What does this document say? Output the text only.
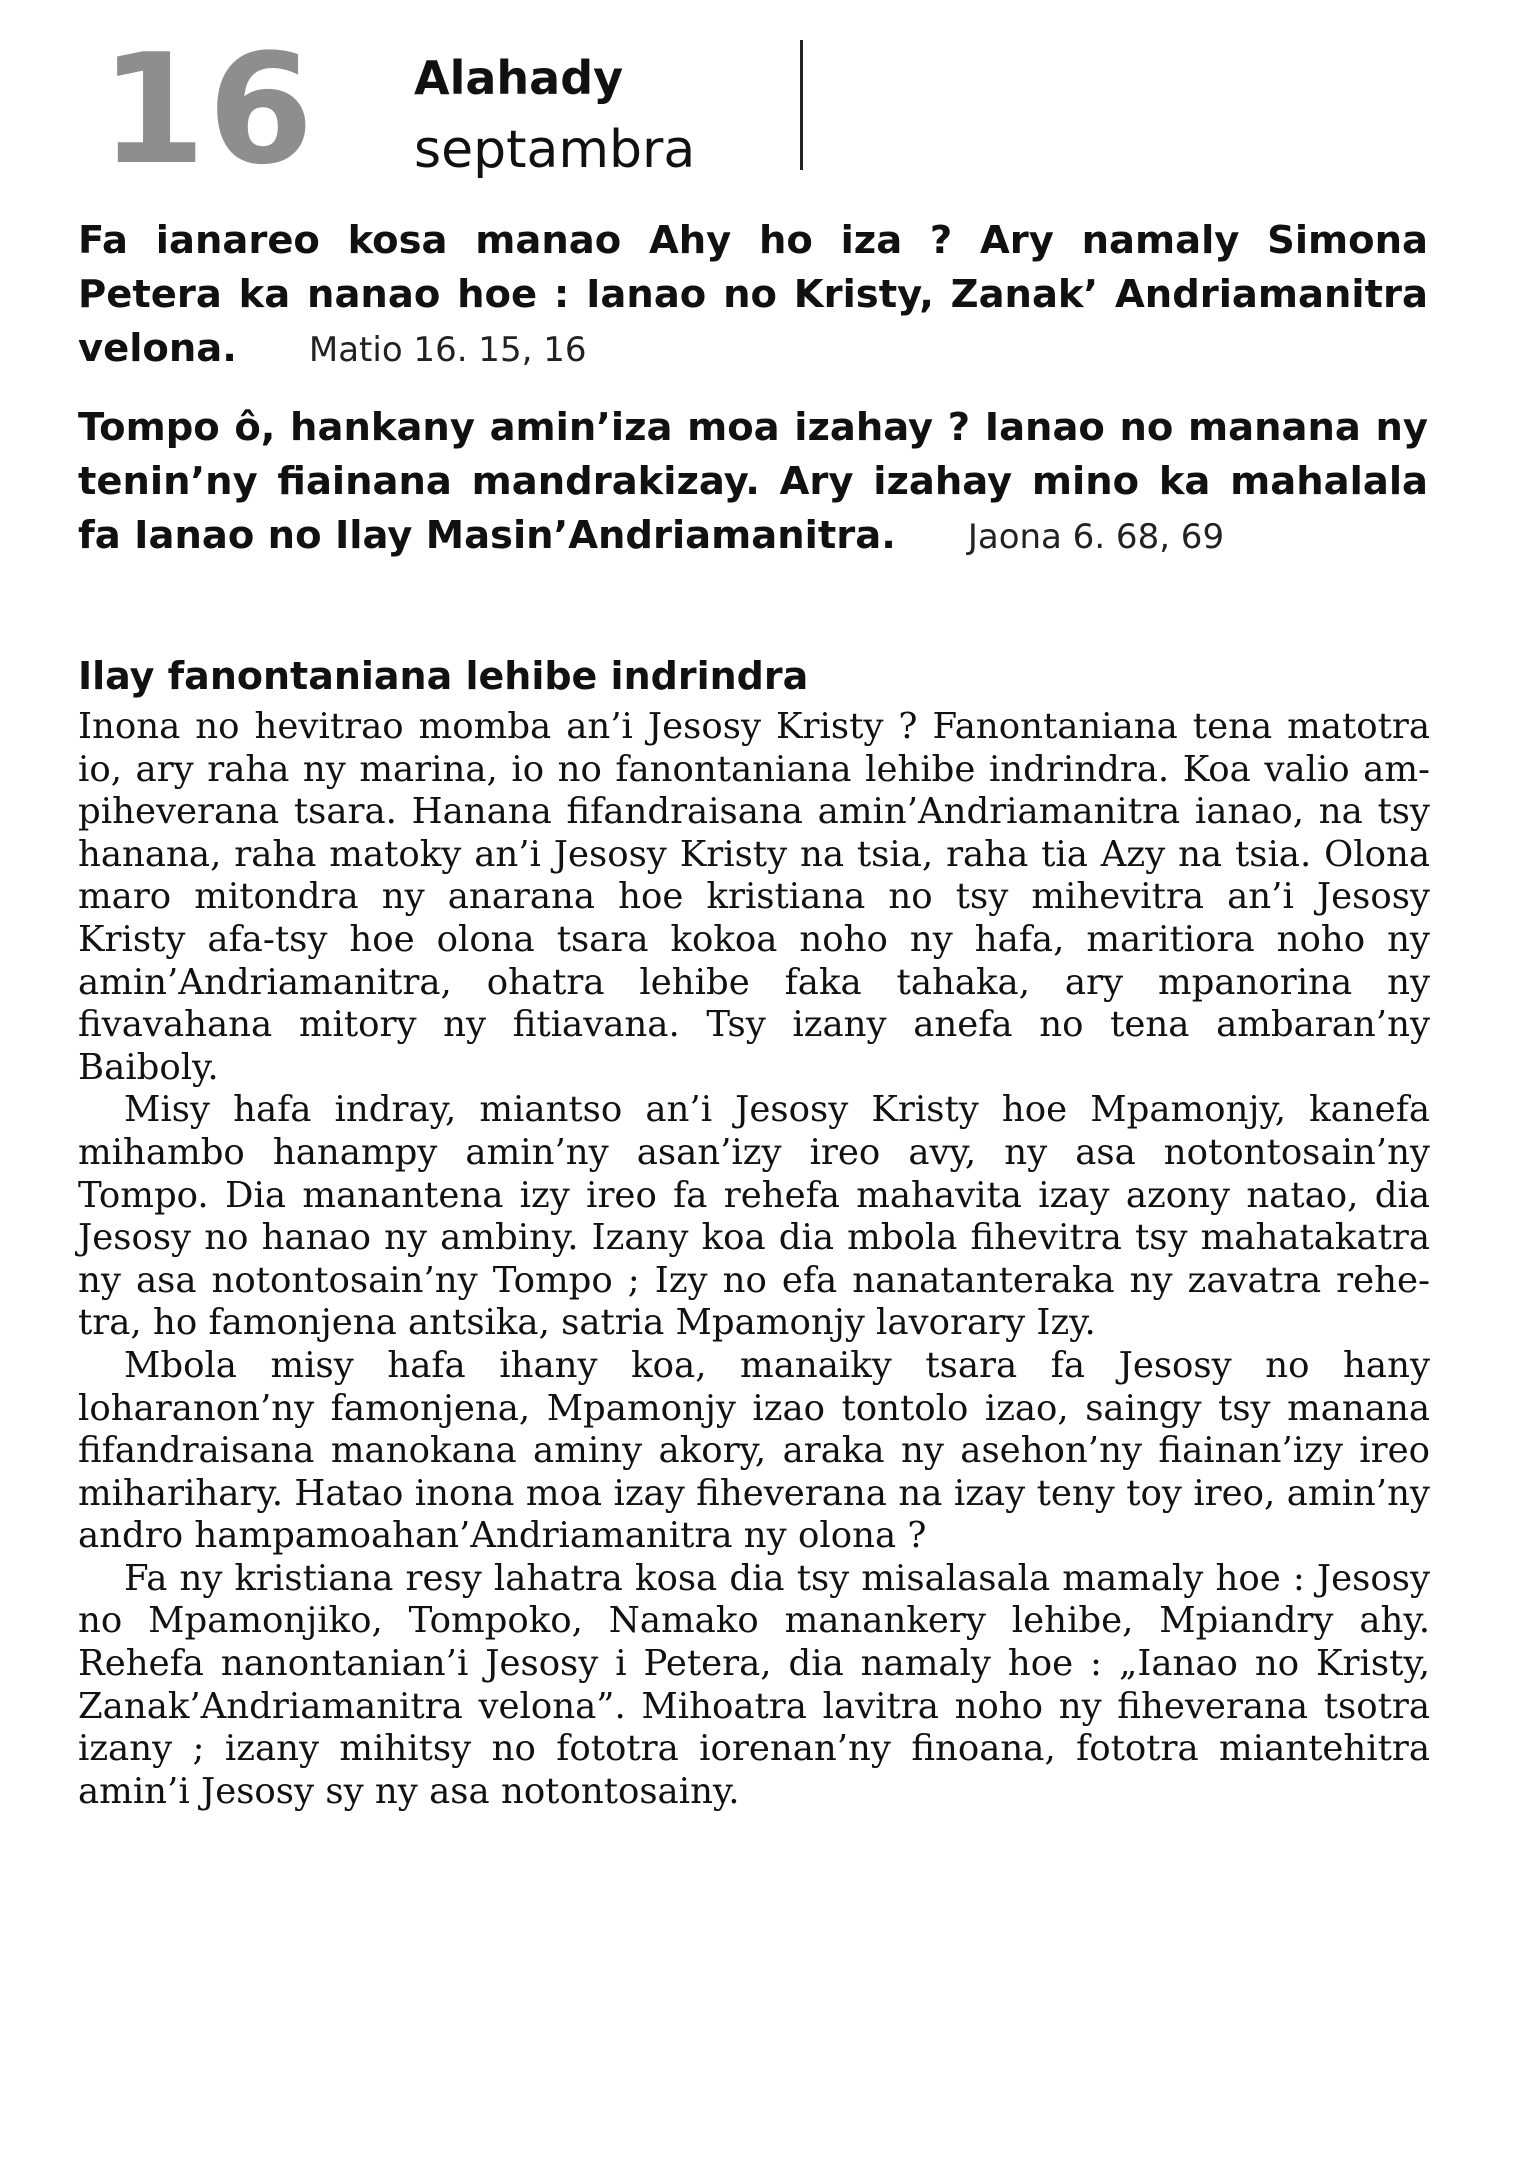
16 Alahady
septambra

Fa ianareo kosa manao Ahy ho iza ? Ary namaly Simona Petera ka nanao hoe : Ianao no Kristy, Zanak’ Andriamanitra velona. Matio 16. 15, 16

Tompo ô, hankany amin’iza moa izahay ? Ianao no manana ny tenin’ny fiainana mandrakizay. Ary izahay mino ka mahalala fa Ianao no Ilay Masin’Andriamanitra. Jaona 6. 68, 69

Ilay fanontaniana lehibe indrindra

Inona no hevitrao momba an’i Jesosy Kristy ? Fanontaniana tena matotra io, ary raha ny marina, io no fanontaniana lehibe indrindra. Koa valio am-piheverana tsara. Hanana fifandraisana amin’Andriamanitra ianao, na tsy hanana, raha matoky an’i Jesosy Kristy na tsia, raha tia Azy na tsia. Olona maro mitondra ny anarana hoe kristiana no tsy mihevitra an’i Jesosy Kristy afa-tsy hoe olona tsara kokoa noho ny hafa, maritiora noho ny amin’Andriamanitra, ohatra lehibe faka tahaka, ary mpanorina ny fivavahana mitory ny fitiavana. Tsy izany anefa no tena ambaran’ny Baiboly.

Misy hafa indray, miantso an’i Jesosy Kristy hoe Mpamonjy, kanefa mihambo hanampy amin’ny asan’izy ireo avy, ny asa notontosain’ny Tompo. Dia manantena izy ireo fa rehefa mahavita izay azony natao, dia Jesosy no hanao ny ambiny. Izany koa dia mbola fihevitra tsy mahatakatra ny asa notontosain’ny Tompo ; Izy no efa nanatanteraka ny zavatra rehetra, ho famonjena antsika, satria Mpamonjy lavorary Izy.

Mbola misy hafa ihany koa, manaiky tsara fa Jesosy no hany loharanon’ny famonjena, Mpamonjy izao tontolo izao, saingy tsy manana fifandraisana manokana aminy akory, araka ny asehon’ny fiainan’izy ireo miharihary. Hatao inona moa izay fiheverana na izay teny toy ireo, amin’ny andro hampamoahan’Andriamanitra ny olona ?

Fa ny kristiana resy lahatra kosa dia tsy misalasala mamaly hoe : Jesosy no Mpamonjiko, Tompoko, Namako manankery lehibe, Mpiandry ahy. Rehefa nanontanian’i Jesosy i Petera, dia namaly hoe : „Ianao no Kristy, Zanak’Andriamanitra velona”. Mihoatra lavitra noho ny fiheverana tsotra izany ; izany mihitsy no fototra iorenan’ny finoana, fototra miantehitra amin’i Jesosy sy ny asa notontosainy.
